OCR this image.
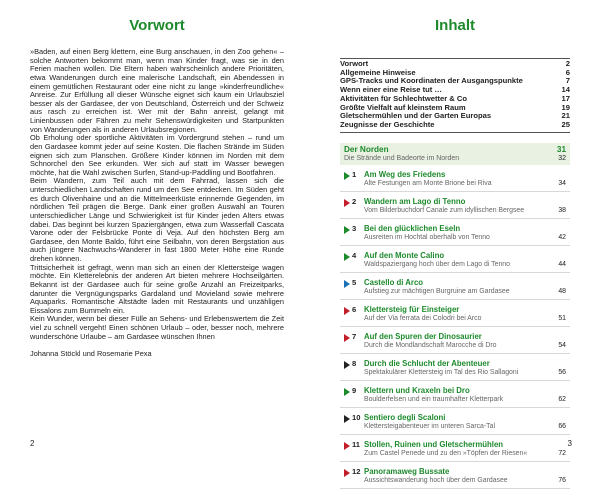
Vorwort

»Baden, auf einen Berg klettern, eine Burg anschauen, in den Zoo gehen« – solche Antworten bekommt man, wenn man Kinder fragt, was sie in den Ferien machen wollen. Die Eltern haben wahrscheinlich andere Prioritäten, etwa Wanderungen durch eine malerische Landschaft, ein Abendessen in einem gemütlichen Restaurant oder eine nicht zu lange »kinderfreundliche« Anreise. Zur Erfüllung all dieser Wünsche eignet sich kaum ein Urlaubsziel besser als der Gardasee, der von Deutschland, Österreich und der Schweiz aus rasch zu erreichen ist. Wer mit der Bahn anreist, gelangt mit Linienbussen oder Fähren zu mehr Sehenswürdigkeiten und Startpunkten von Wanderungen als in anderen Urlaubsregionen.

Ob Erholung oder sportliche Aktivitäten im Vordergrund stehen – rund um den Gardasee kommt jeder auf seine Kosten. Die flachen Strände im Süden eignen sich zum Planschen. Größere Kinder können im Norden mit dem Schnorchel den See erkunden. Wer sich auf statt im Wasser bewegen möchte, hat die Wahl zwischen Surfen, Stand-up-Paddling und Bootfahren.

Beim Wandern, zum Teil auch mit dem Fahrrad, lassen sich die unterschiedlichen Landschaften rund um den See entdecken. Im Süden geht es durch Olivenhaine und an die Mittelmeerküste erinnernde Gegenden, im nördlichen Teil prägen die Berge. Dank einer großen Auswahl an Touren unterschiedlicher Länge und Schwierigkeit ist für Kinder jeden Alters etwas dabei. Das beginnt bei kurzen Spaziergängen, etwa zum Wasserfall Cascata Varone oder der Felsbrücke Ponte di Veja. Auf den höchsten Berg am Gardasee, den Monte Baldo, führt eine Seilbahn, von deren Bergstation aus auch jüngere Nachwuchs-Wanderer in fast 1800 Meter Höhe eine Runde drehen können.

Trittsicherheit ist gefragt, wenn man sich an einen der Klettersteige wagen möchte. Ein Kletterelebnis der anderen Art bieten mehrere Hochseilgärten. Bekannt ist der Gardasee auch für seine große Anzahl an Freizeitparks, darunter die Vergnügungsparks Gardaland und Movieland sowie mehrere Aquaparks. Romantische Altstädte laden mit Restaurants und unzähligen Eissalons zum Bummeln ein.

Kein Wunder, wenn bei dieser Fülle an Sehens- und Erlebenswertem die Zeit viel zu schnell vergeht! Einen schönen Urlaub – oder, besser noch, mehrere wunderschöne Urlaube – am Gardasee wünschen Ihnen

Johanna Stöckl und Rosemarie Pexa
2
Inhalt
Vorwort	2
Allgemeine Hinweise	6
GPS-Tracks und Koordinaten der Ausgangspunkte	7
Wenn einer eine Reise tut …	14
Aktivitäten für Schlechtwetter & Co	17
Größte Vielfalt auf kleinstem Raum	19
Gletschermühlen und der Garten Europas	21
Zeugnisse der Geschichte	25
Der Norden	31
Die Strände und Badeorte im Norden	32
1 Am Weg des Friedens
Alte Festungen am Monte Brione bei Riva	34
2 Wandern am Lago di Tenno
Vom Bilderbuchdorf Canale zum idyllischen Bergsee	38
3 Bei den glücklichen Eseln
Ausreiten im Hochtal oberhalb von Tenno	42
4 Auf den Monte Calino
Waldspaziergang hoch über dem Lago di Tenno	44
5 Castello di Arco
Aufstieg zur mächtigen Burgruine am Gardasee	48
6 Klettersteig für Einsteiger
Auf der Via ferrata dei Colodri bei Arco	51
7 Auf den Spuren der Dinosaurier
Durch die Mondlandschaft Marocche di Dro	54
8 Durch die Schlucht der Abenteuer
Spektakulärer Klettersteig im Tal des Rio Sallagoni	56
9 Klettern und Kraxeln bei Dro
Boulderfelsen und ein traumhafter Kletterpark	62
10 Sentiero degli Scaloni
Klettersteigabenteuer im unteren Sarca-Tal	66
11 Stollen, Ruinen und Gletschermühlen
Zum Castel Penede und zu den »Töpfen der Riesen«	72
12 Panoramaweg Bussate
Aussichtswanderung hoch über dem Gardasee	76
3
